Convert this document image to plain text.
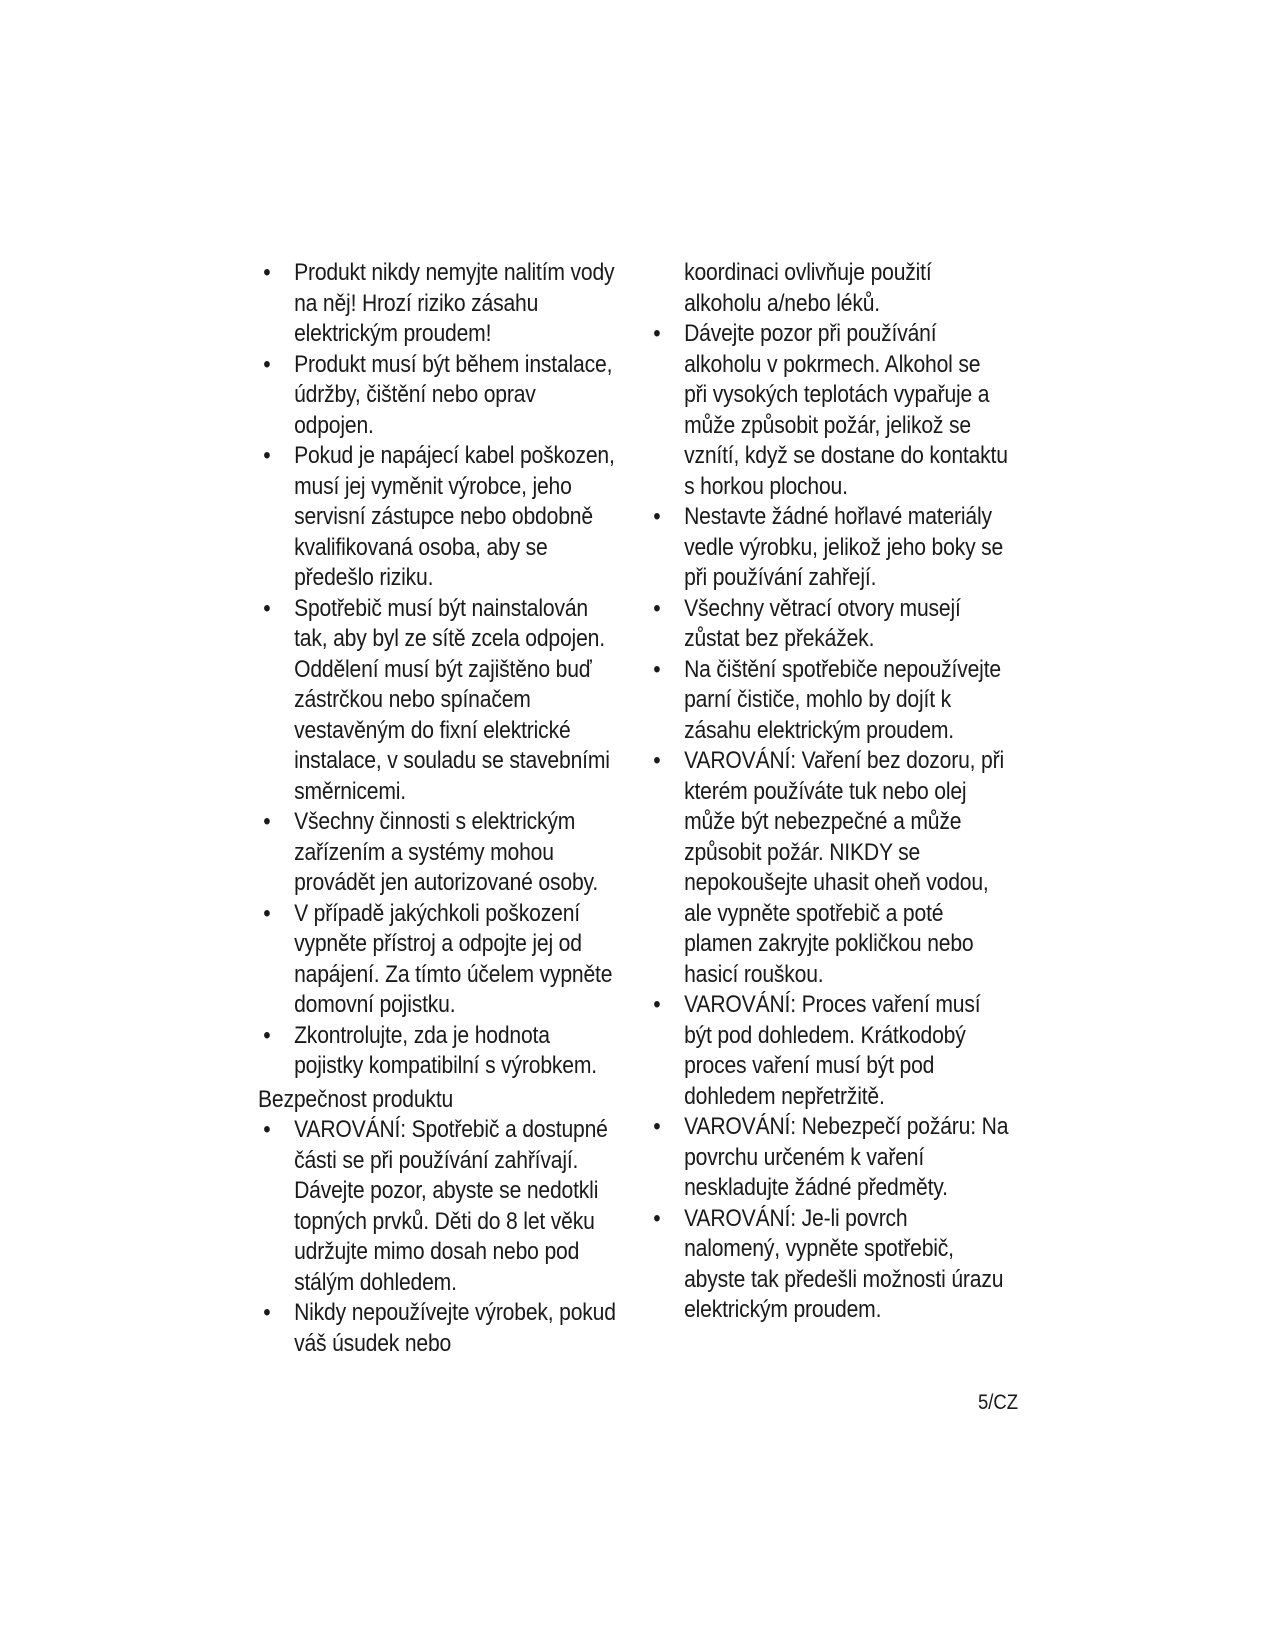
• Produkt nikdy nemyjte nalitím vody na něj! Hrozí riziko zásahu elektrickým proudem!
• Produkt musí být během instalace, údržby, čištění nebo oprav odpojen.
• Pokud je napájecí kabel poškozen, musí jej vyměnit výrobce, jeho servisní zástupce nebo obdobně kvalifikovaná osoba, aby se předešlo riziku.
• Spotřebič musí být nainstalován tak, aby byl ze sítě zcela odpojen. Oddělení musí být zajištěno buď zástrčkou nebo spínačem vestavěným do fixní elektrické instalace, v souladu se stavebními směrnicemi.
• Všechny činnosti s elektrickým zařízením a systémy mohou provádět jen autorizované osoby.
• V případě jakýchkoli poškození vypněte přístroj a odpojte jej od napájení. Za tímto účelem vypněte domovní pojistku.
• Zkontrolujte, zda je hodnota pojistky kompatibilní s výrobkem.
Bezpečnost produktu
• VAROVÁNÍ: Spotřebič a dostupné části se při používání zahřívají. Dávejte pozor, abyste se nedotkli topných prvků. Děti do 8 let věku udržujte mimo dosah nebo pod stálým dohledem.
• Nikdy nepoužívejte výrobek, pokud váš úsudek nebo
koordinaci ovlivňuje použití alkoholu a/nebo léků.
• Dávejte pozor při používání alkoholu v pokrmech. Alkohol se při vysokých teplotách vypařuje a může způsobit požár, jelikož se vznítí, když se dostane do kontaktu s horkou plochou.
• Nestavte žádné hořlavé materiály vedle výrobku, jelikož jeho boky se při používání zahřejí.
• Všechny větrací otvory musejí zůstat bez překážek.
• Na čištění spotřebiče nepoužívejte parní čističe, mohlo by dojít k zásahu elektrickým proudem.
• VAROVÁNÍ: Vaření bez dozoru, při kterém používáte tuk nebo olej může být nebezpečné a může způsobit požár. NIKDY se nepokoušejte uhasit oheň vodou, ale vypněte spotřebič a poté plamen zakryjte pokličkou nebo hasicí rouškou.
• VAROVÁNÍ: Proces vaření musí být pod dohledem. Krátkodobý proces vaření musí být pod dohledem nepřetržitě.
• VAROVÁNÍ: Nebezpečí požáru: Na povrchu určeném k vaření neskladujte žádné předměty.
• VAROVÁNÍ: Je-li povrch nalomený, vypněte spotřebič, abyste tak předešli možnosti úrazu elektrickým proudem.
5/CZ
